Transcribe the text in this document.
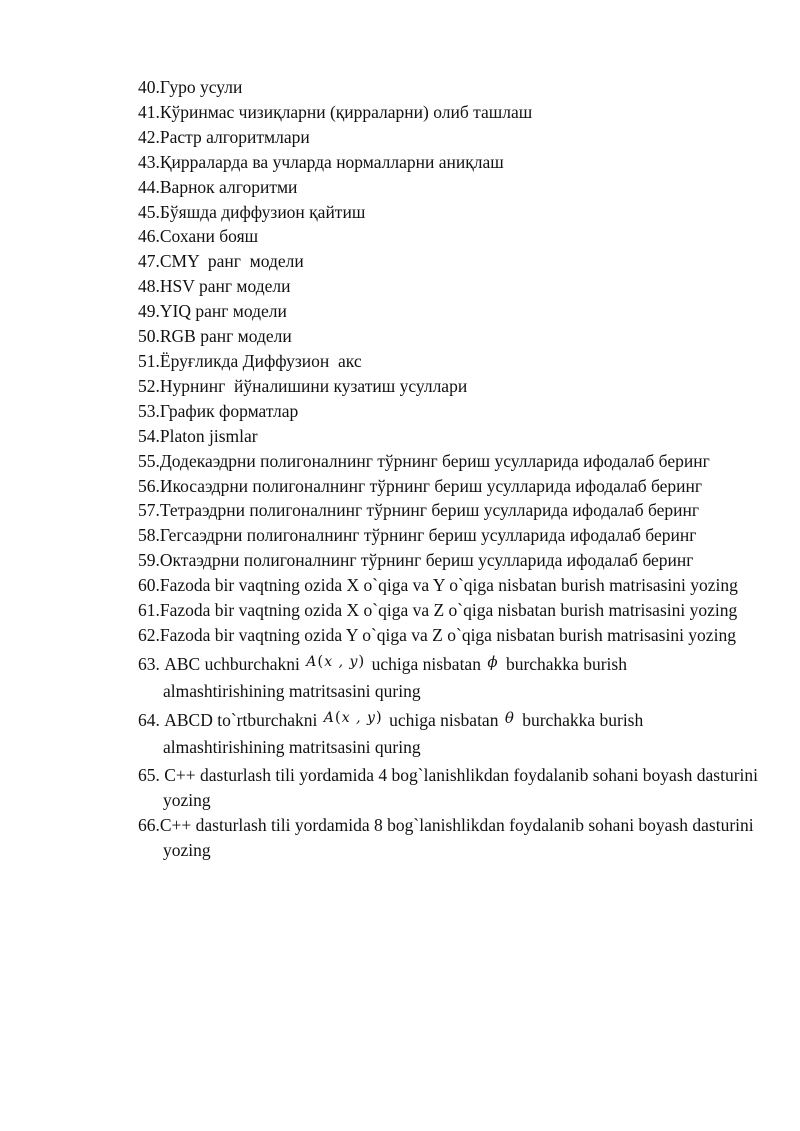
40.Гуро усули
41.Кўринмас чизиқларни (қирраларни) олиб ташлаш
42.Растр алгоритмлари
43.Қирраларда ва учларда нормалларни аниқлаш
44.Варнок алгоритми
45.Бўяшда диффузион қайтиш
46.Сохани бояш
47.CMY  ранг  модели
48.HSV ранг модели
49.YIQ ранг модели
50.RGB ранг модели
51.Ёруғликда Диффузион  акс
52.Нурнинг  йўналишини кузатиш усуллари
53.График форматлар
54.Platon jismlar
55.Додекаэдрни полигоналнинг тўрнинг бериш усулларида ифодалаб беринг
56.Икосаэдрни полигоналнинг тўрнинг бериш усулларида ифодалаб беринг
57.Тетраэдрни полигоналнинг тўрнинг бериш усулларида ифодалаб беринг
58.Гегсаэдрни полигоналнинг тўрнинг бериш усулларида ифодалаб беринг
59.Октаэдрни полигоналнинг тўрнинг бериш усулларида ифодалаб беринг
60.Fazoda bir vaqtning ozida X o`qiga va Y o`qiga nisbatan burish matrisasini yozing
61.Fazoda bir vaqtning ozida X o`qiga va Z o`qiga nisbatan burish matrisasini yozing
62.Fazoda bir vaqtning ozida Y o`qiga va Z o`qiga nisbatan burish matrisasini yozing
63. ABC uchburchakni $^{A(x , y)}$ uchiga nisbatan ϕ burchakka burish almashtirishining matritsasini quring
64. ABCD to`rtburchakni $^{A(x , y)}$ uchiga nisbatan θ burchakka burish almashtirishining matritsasini quring
65. C++ dasturlash tili yordamida 4 bog`lanishlikdan foydalanib sohani boyash dasturini yozing
66.C++ dasturlash tili yordamida 8 bog`lanishlikdan foydalanib sohani boyash dasturini yozing
